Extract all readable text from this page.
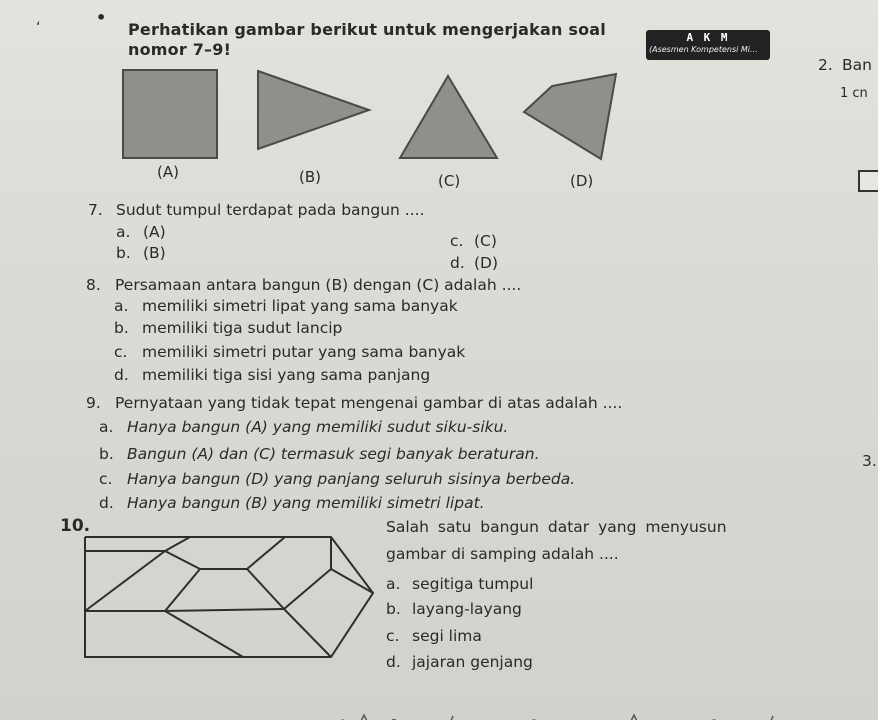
‘
•
Perhatikan gambar berikut untuk mengerjakan soal
nomor 7–9!
A K M
(Asesmen Kompetensi Mi...
2. Ban
1 cn
3.
(A)	(B)	(C)	(D)
7. Sudut tumpul terdapat pada bangun ....
a. (A)
b. (B)
c. (C)
d. (D)
8. Persamaan antara bangun (B) dengan (C) adalah ....
a. memiliki simetri lipat yang sama banyak
b. memiliki tiga sudut lancip
c. memiliki simetri putar yang sama banyak
d. memiliki tiga sisi yang sama panjang
9. Pernyataan yang tidak tepat mengenai gambar di atas adalah ....
a. Hanya bangun (A) yang memiliki sudut siku-siku.
b. Bangun (A) dan (C) termasuk segi banyak beraturan.
c. Hanya bangun (D) yang panjang seluruh sisinya berbeda.
d. Hanya bangun (B) yang memiliki simetri lipat.
10.	Salah satu bangun datar yang menyusun
gambar di samping adalah ....
a. segitiga tumpul
b. layang-layang
c. segi lima
d. jajaran genjang
